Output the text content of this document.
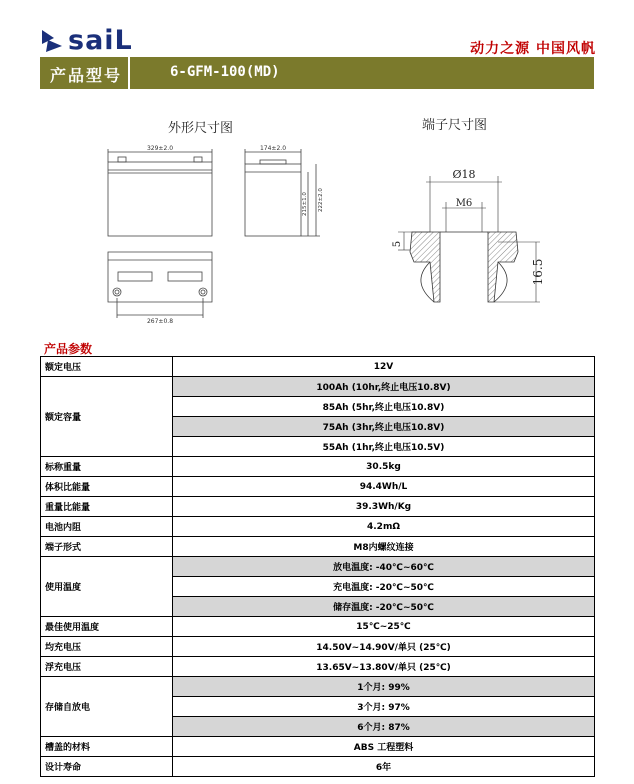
saiL	动力之源 中国风帆
产品型号	6-GFM-100(MD)
外形尺寸图	端子尺寸图
329±2.0	174±2.0
215±1.0 222±2.0
267±0.8
Ø18
M6
5
16.5
产品参数
额定电压	12V
额定容量	100Ah (10hr,终止电压10.8V)
	85Ah (5hr,终止电压10.8V)
	75Ah (3hr,终止电压10.8V)
	55Ah (1hr,终止电压10.5V)
标称重量	30.5kg
体积比能量	94.4Wh/L
重量比能量	39.3Wh/Kg
电池内阻	4.2mΩ
端子形式	M8内螺纹连接
使用温度	放电温度: -40℃~60℃
	充电温度: -20℃~50℃
	储存温度: -20℃~50℃
最佳使用温度	15℃~25℃
均充电压	14.50V~14.90V/单只 (25℃)
浮充电压	13.65V~13.80V/单只 (25℃)
存储自放电	1个月: 99%
	3个月: 97%
	6个月: 87%
槽盖的材料	ABS 工程塑料
设计寿命	6年
